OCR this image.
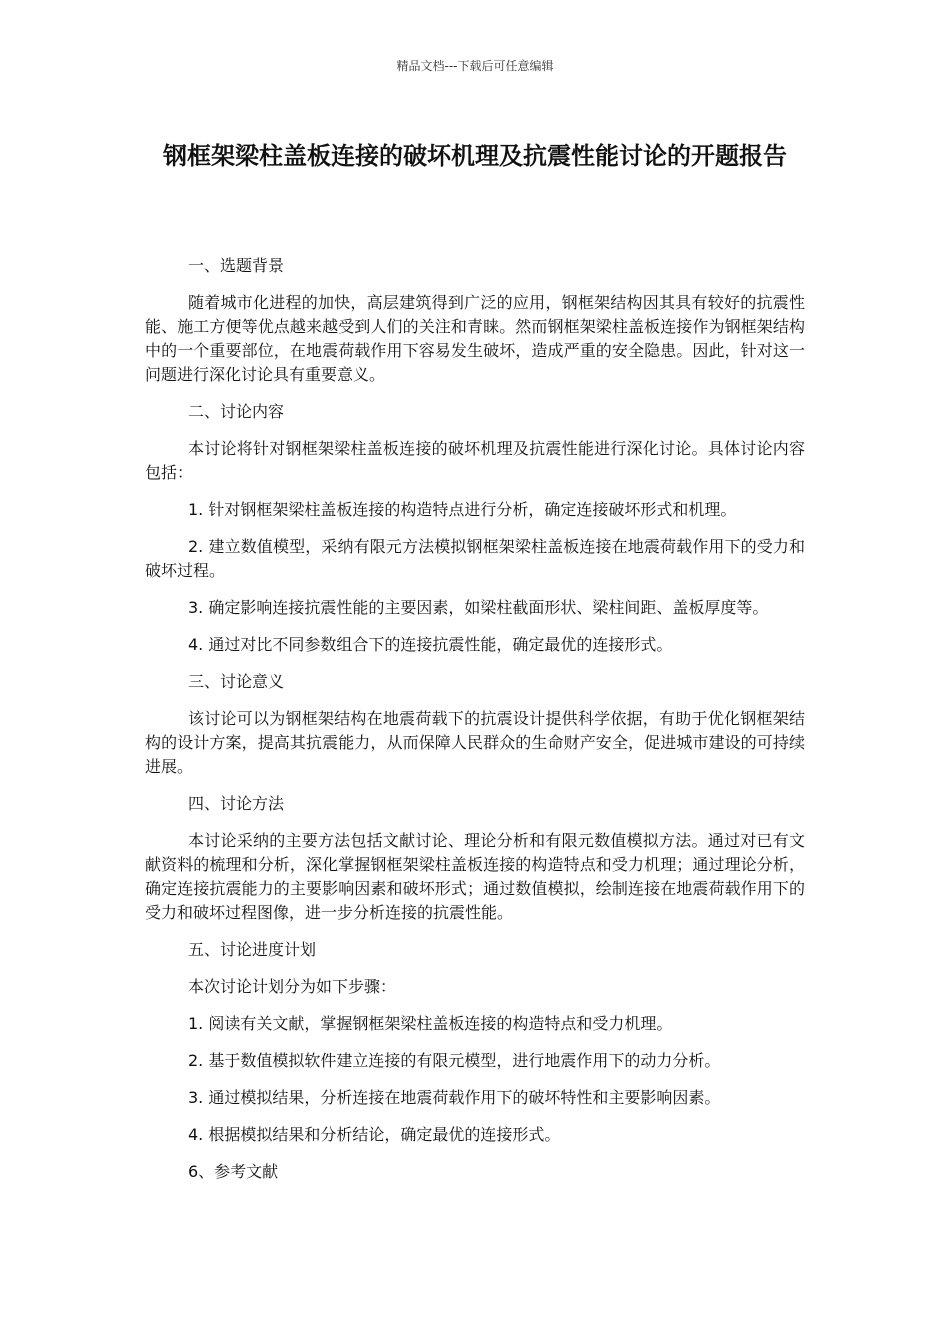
精品文档---下载后可任意编辑
钢框架梁柱盖板连接的破坏机理及抗震性能讨论的开题报告

一、选题背景

随着城市化进程的加快，高层建筑得到广泛的应用，钢框架结构因其具有较好的抗震性能、施工方便等优点越来越受到人们的关注和青睐。然而钢框架梁柱盖板连接作为钢框架结构中的一个重要部位，在地震荷载作用下容易发生破坏，造成严重的安全隐患。因此，针对这一问题进行深化讨论具有重要意义。

二、讨论内容

本讨论将针对钢框架梁柱盖板连接的破坏机理及抗震性能进行深化讨论。具体讨论内容包括：

1. 针对钢框架梁柱盖板连接的构造特点进行分析，确定连接破坏形式和机理。

2. 建立数值模型，采纳有限元方法模拟钢框架梁柱盖板连接在地震荷载作用下的受力和破坏过程。

3. 确定影响连接抗震性能的主要因素，如梁柱截面形状、梁柱间距、盖板厚度等。

4. 通过对比不同参数组合下的连接抗震性能，确定最优的连接形式。

三、讨论意义

该讨论可以为钢框架结构在地震荷载下的抗震设计提供科学依据，有助于优化钢框架结构的设计方案，提高其抗震能力，从而保障人民群众的生命财产安全，促进城市建设的可持续进展。

四、讨论方法

本讨论采纳的主要方法包括文献讨论、理论分析和有限元数值模拟方法。通过对已有文献资料的梳理和分析，深化掌握钢框架梁柱盖板连接的构造特点和受力机理；通过理论分析，确定连接抗震能力的主要影响因素和破坏形式；通过数值模拟，绘制连接在地震荷载作用下的受力和破坏过程图像，进一步分析连接的抗震性能。

五、讨论进度计划

本次讨论计划分为如下步骤：

1. 阅读有关文献，掌握钢框架梁柱盖板连接的构造特点和受力机理。

2. 基于数值模拟软件建立连接的有限元模型，进行地震作用下的动力分析。

3. 通过模拟结果，分析连接在地震荷载作用下的破坏特性和主要影响因素。

4. 根据模拟结果和分析结论，确定最优的连接形式。

6、参考文献
